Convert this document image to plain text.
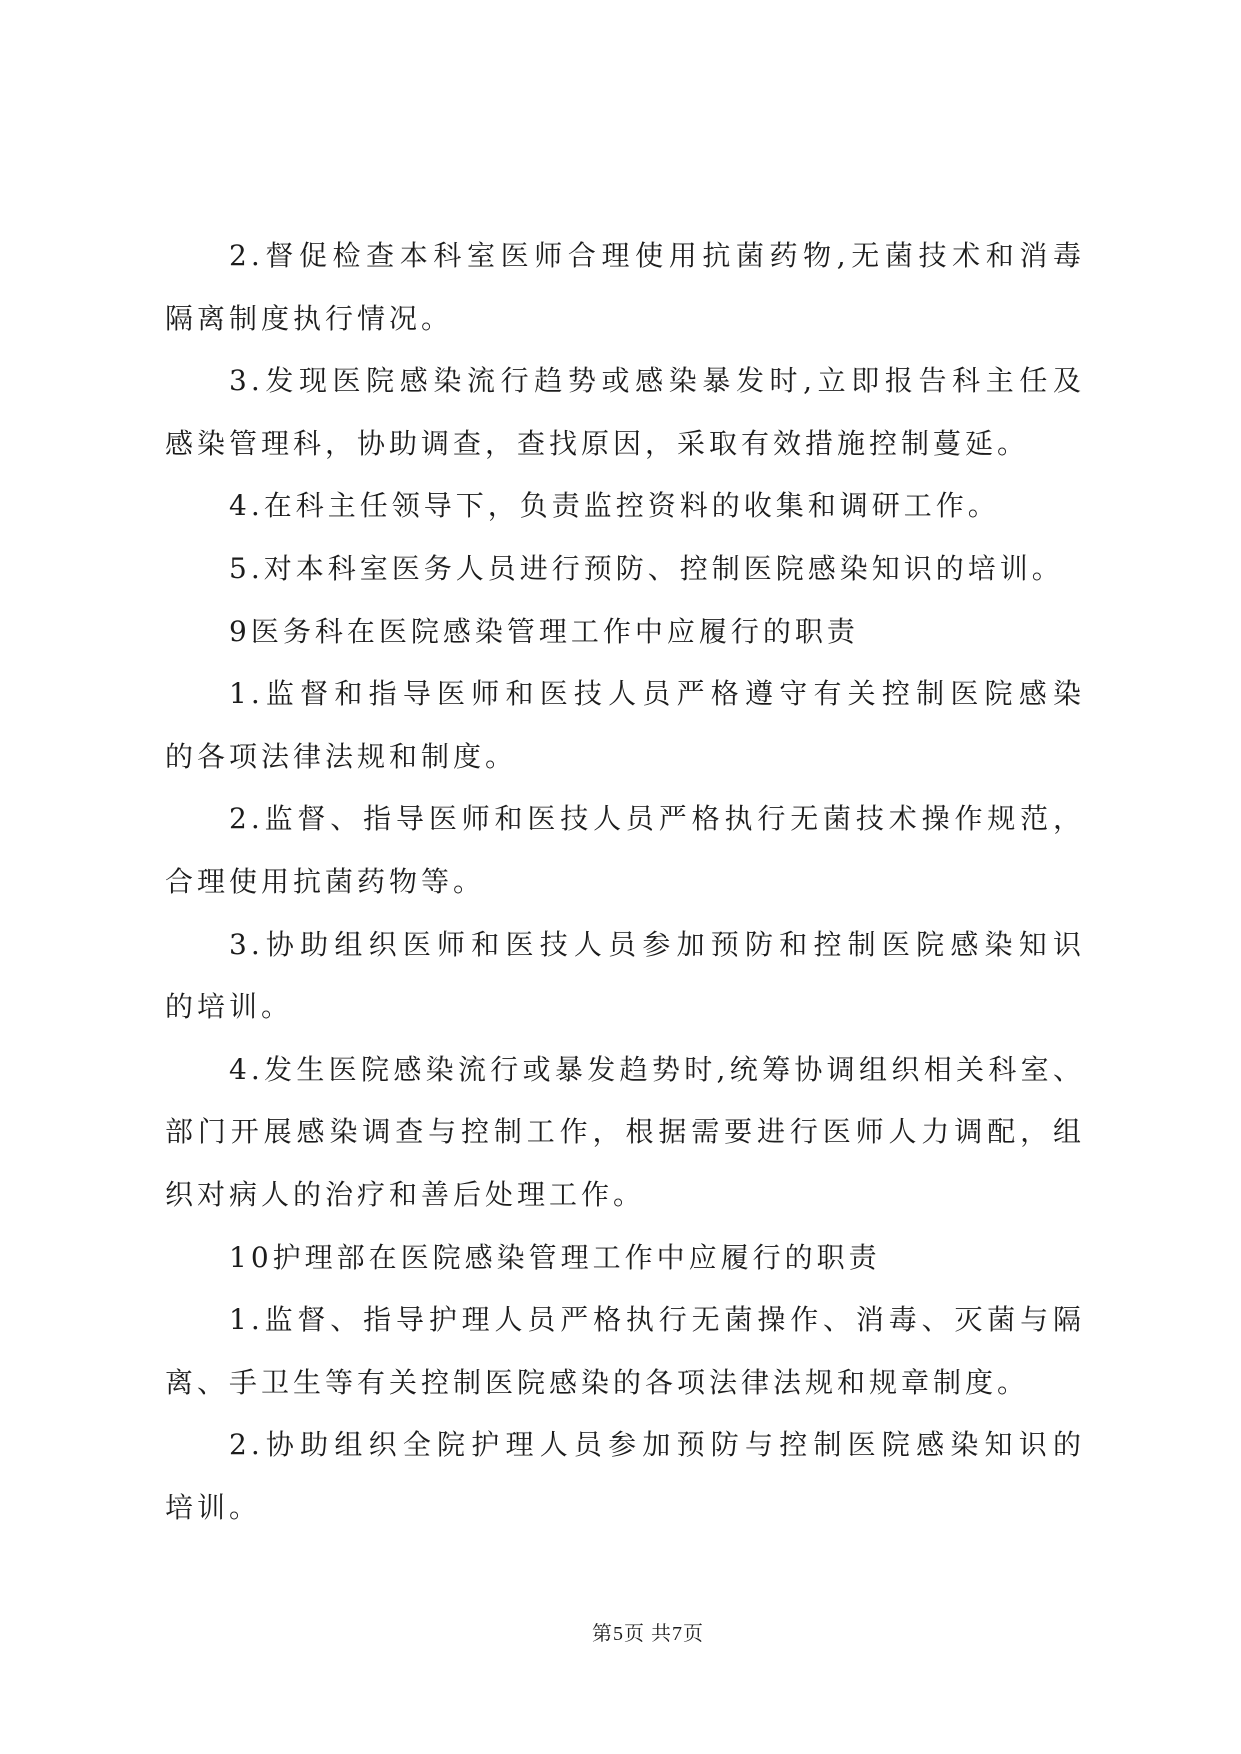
2.督促检查本科室医师合理使用抗菌药物,无菌技术和消毒
隔离制度执行情况。
3.发现医院感染流行趋势或感染暴发时,立即报告科主任及
感染管理科，协助调查，查找原因，采取有效措施控制蔓延。
4.在科主任领导下，负责监控资料的收集和调研工作。
5.对本科室医务人员进行预防、控制医院感染知识的培训。
9医务科在医院感染管理工作中应履行的职责
1.监督和指导医师和医技人员严格遵守有关控制医院感染
的各项法律法规和制度。
2.监督、指导医师和医技人员严格执行无菌技术操作规范，
合理使用抗菌药物等。
3.协助组织医师和医技人员参加预防和控制医院感染知识
的培训。
4.发生医院感染流行或暴发趋势时,统筹协调组织相关科室、
部门开展感染调查与控制工作，根据需要进行医师人力调配，组
织对病人的治疗和善后处理工作。
10护理部在医院感染管理工作中应履行的职责
1.监督、指导护理人员严格执行无菌操作、消毒、灭菌与隔
离、手卫生等有关控制医院感染的各项法律法规和规章制度。
2.协助组织全院护理人员参加预防与控制医院感染知识的
培训。
第5页 共7页
